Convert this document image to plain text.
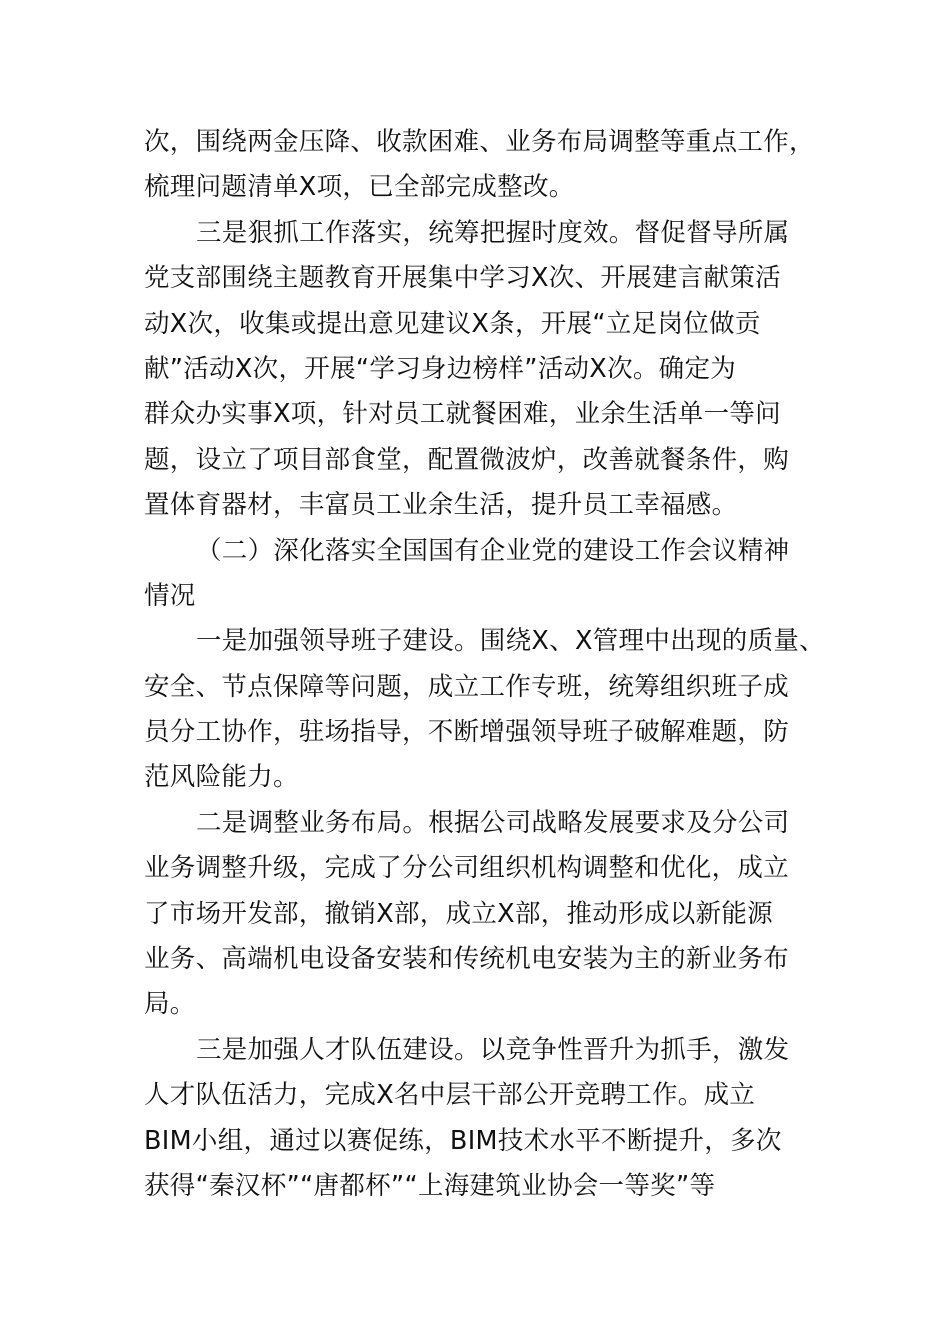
次，围绕两金压降、收款困难、业务布局调整等重点工作，
梳理问题清单X项，已全部完成整改。
三是狠抓工作落实，统筹把握时度效。督促督导所属
党支部围绕主题教育开展集中学习X次、开展建言献策活
动X次，收集或提出意见建议X条，开展“立足岗位做贡
献”活动X次，开展“学习身边榜样”活动X次。确定为
群众办实事X项，针对员工就餐困难，业余生活单一等问
题，设立了项目部食堂，配置微波炉，改善就餐条件，购
置体育器材，丰富员工业余生活，提升员工幸福感。
（二）深化落实全国国有企业党的建设工作会议精神
情况
一是加强领导班子建设。围绕X、X管理中出现的质量、
安全、节点保障等问题，成立工作专班，统筹组织班子成
员分工协作，驻场指导，不断增强领导班子破解难题，防
范风险能力。
二是调整业务布局。根据公司战略发展要求及分公司
业务调整升级，完成了分公司组织机构调整和优化，成立
了市场开发部，撤销X部，成立X部，推动形成以新能源
业务、高端机电设备安装和传统机电安装为主的新业务布
局。
三是加强人才队伍建设。以竞争性晋升为抓手，激发
人才队伍活力，完成X名中层干部公开竞聘工作。成立
BIM小组，通过以赛促练，BIM技术水平不断提升，多次
获得“秦汉杯”“唐都杯”“上海建筑业协会一等奖”等
